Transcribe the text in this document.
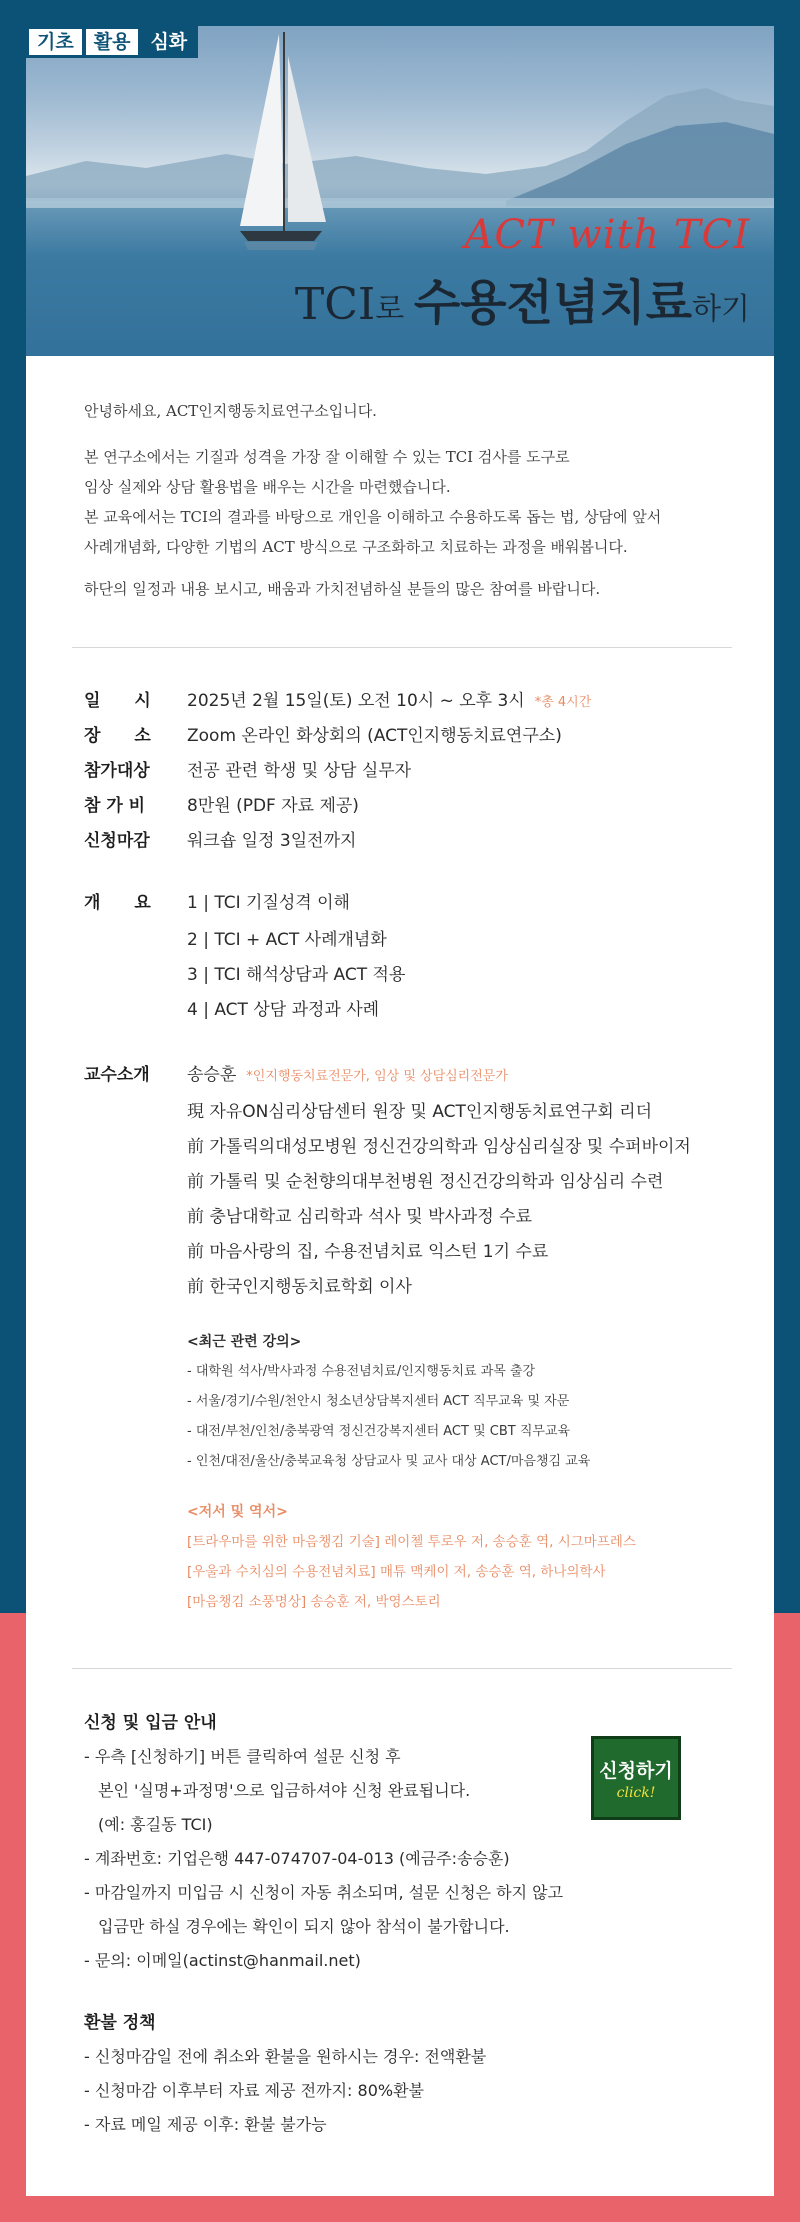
기초	활용	심화
ACT with TCI
TCI로 수용전념치료하기

안녕하세요, ACT인지행동치료연구소입니다.

본 연구소에서는 기질과 성격을 가장 잘 이해할 수 있는 TCI 검사를 도구로
임상 실제와 상담 활용법을 배우는 시간을 마련했습니다.
본 교육에서는 TCI의 결과를 바탕으로 개인을 이해하고 수용하도록 돕는 법, 상담에 앞서
사례개념화, 다양한 기법의 ACT 방식으로 구조화하고 치료하는 과정을 배워봅니다.

하단의 일정과 내용 보시고, 배움과 가치전념하실 분들의 많은 참여를 바랍니다.

일　　시	2025년 2월 15일(토) 오전 10시 ~ 오후 3시 *총 4시간
장　　소	Zoom 온라인 화상회의 (ACT인지행동치료연구소)
참가대상	전공 관련 학생 및 상담 실무자
참 가 비	8만원 (PDF 자료 제공)
신청마감	워크숍 일정 3일전까지
개　　요	1 | TCI 기질성격 이해
2 | TCI + ACT 사례개념화
3 | TCI 해석상담과 ACT 적용
4 | ACT 상담 과정과 사례
교수소개	송승훈 *인지행동치료전문가, 임상 및 상담심리전문가
現 자유ON심리상담센터 원장 및 ACT인지행동치료연구회 리더
前 가톨릭의대성모병원 정신건강의학과 임상심리실장 및 수퍼바이저
前 가톨릭 및 순천향의대부천병원 정신건강의학과 임상심리 수련
前 충남대학교 심리학과 석사 및 박사과정 수료
前 마음사랑의 집, 수용전념치료 익스턴 1기 수료
前 한국인지행동치료학회 이사
<최근 관련 강의>
- 대학원 석사/박사과정 수용전념치료/인지행동치료 과목 출강
- 서울/경기/수원/천안시 청소년상담복지센터 ACT 직무교육 및 자문
- 대전/부천/인천/충북광역 정신건강복지센터 ACT 및 CBT 직무교육
- 인천/대전/울산/충북교육청 상담교사 및 교사 대상 ACT/마음챙김 교육
<저서 및 역서>
[트라우마를 위한 마음챙김 기술] 레이첼 투로우 저, 송승훈 역, 시그마프레스
[우울과 수치심의 수용전념치료] 매튜 맥케이 저, 송승훈 역, 하나의학사
[마음챙김 소풍명상] 송승훈 저, 박영스토리
신청 및 입금 안내
- 우측 [신청하기] 버튼 클릭하여 설문 신청 후
본인 '실명+과정명'으로 입금하셔야 신청 완료됩니다.
(예: 홍길동 TCI)
- 계좌번호: 기업은행 447-074707-04-013 (예금주:송승훈)
- 마감일까지 미입금 시 신청이 자동 취소되며, 설문 신청은 하지 않고
입금만 하실 경우에는 확인이 되지 않아 참석이 불가합니다.
- 문의: 이메일(actinst@hanmail.net)
신청하기
click!
환불 정책
- 신청마감일 전에 취소와 환불을 원하시는 경우: 전액환불
- 신청마감 이후부터 자료 제공 전까지: 80%환불
- 자료 메일 제공 이후: 환불 불가능
